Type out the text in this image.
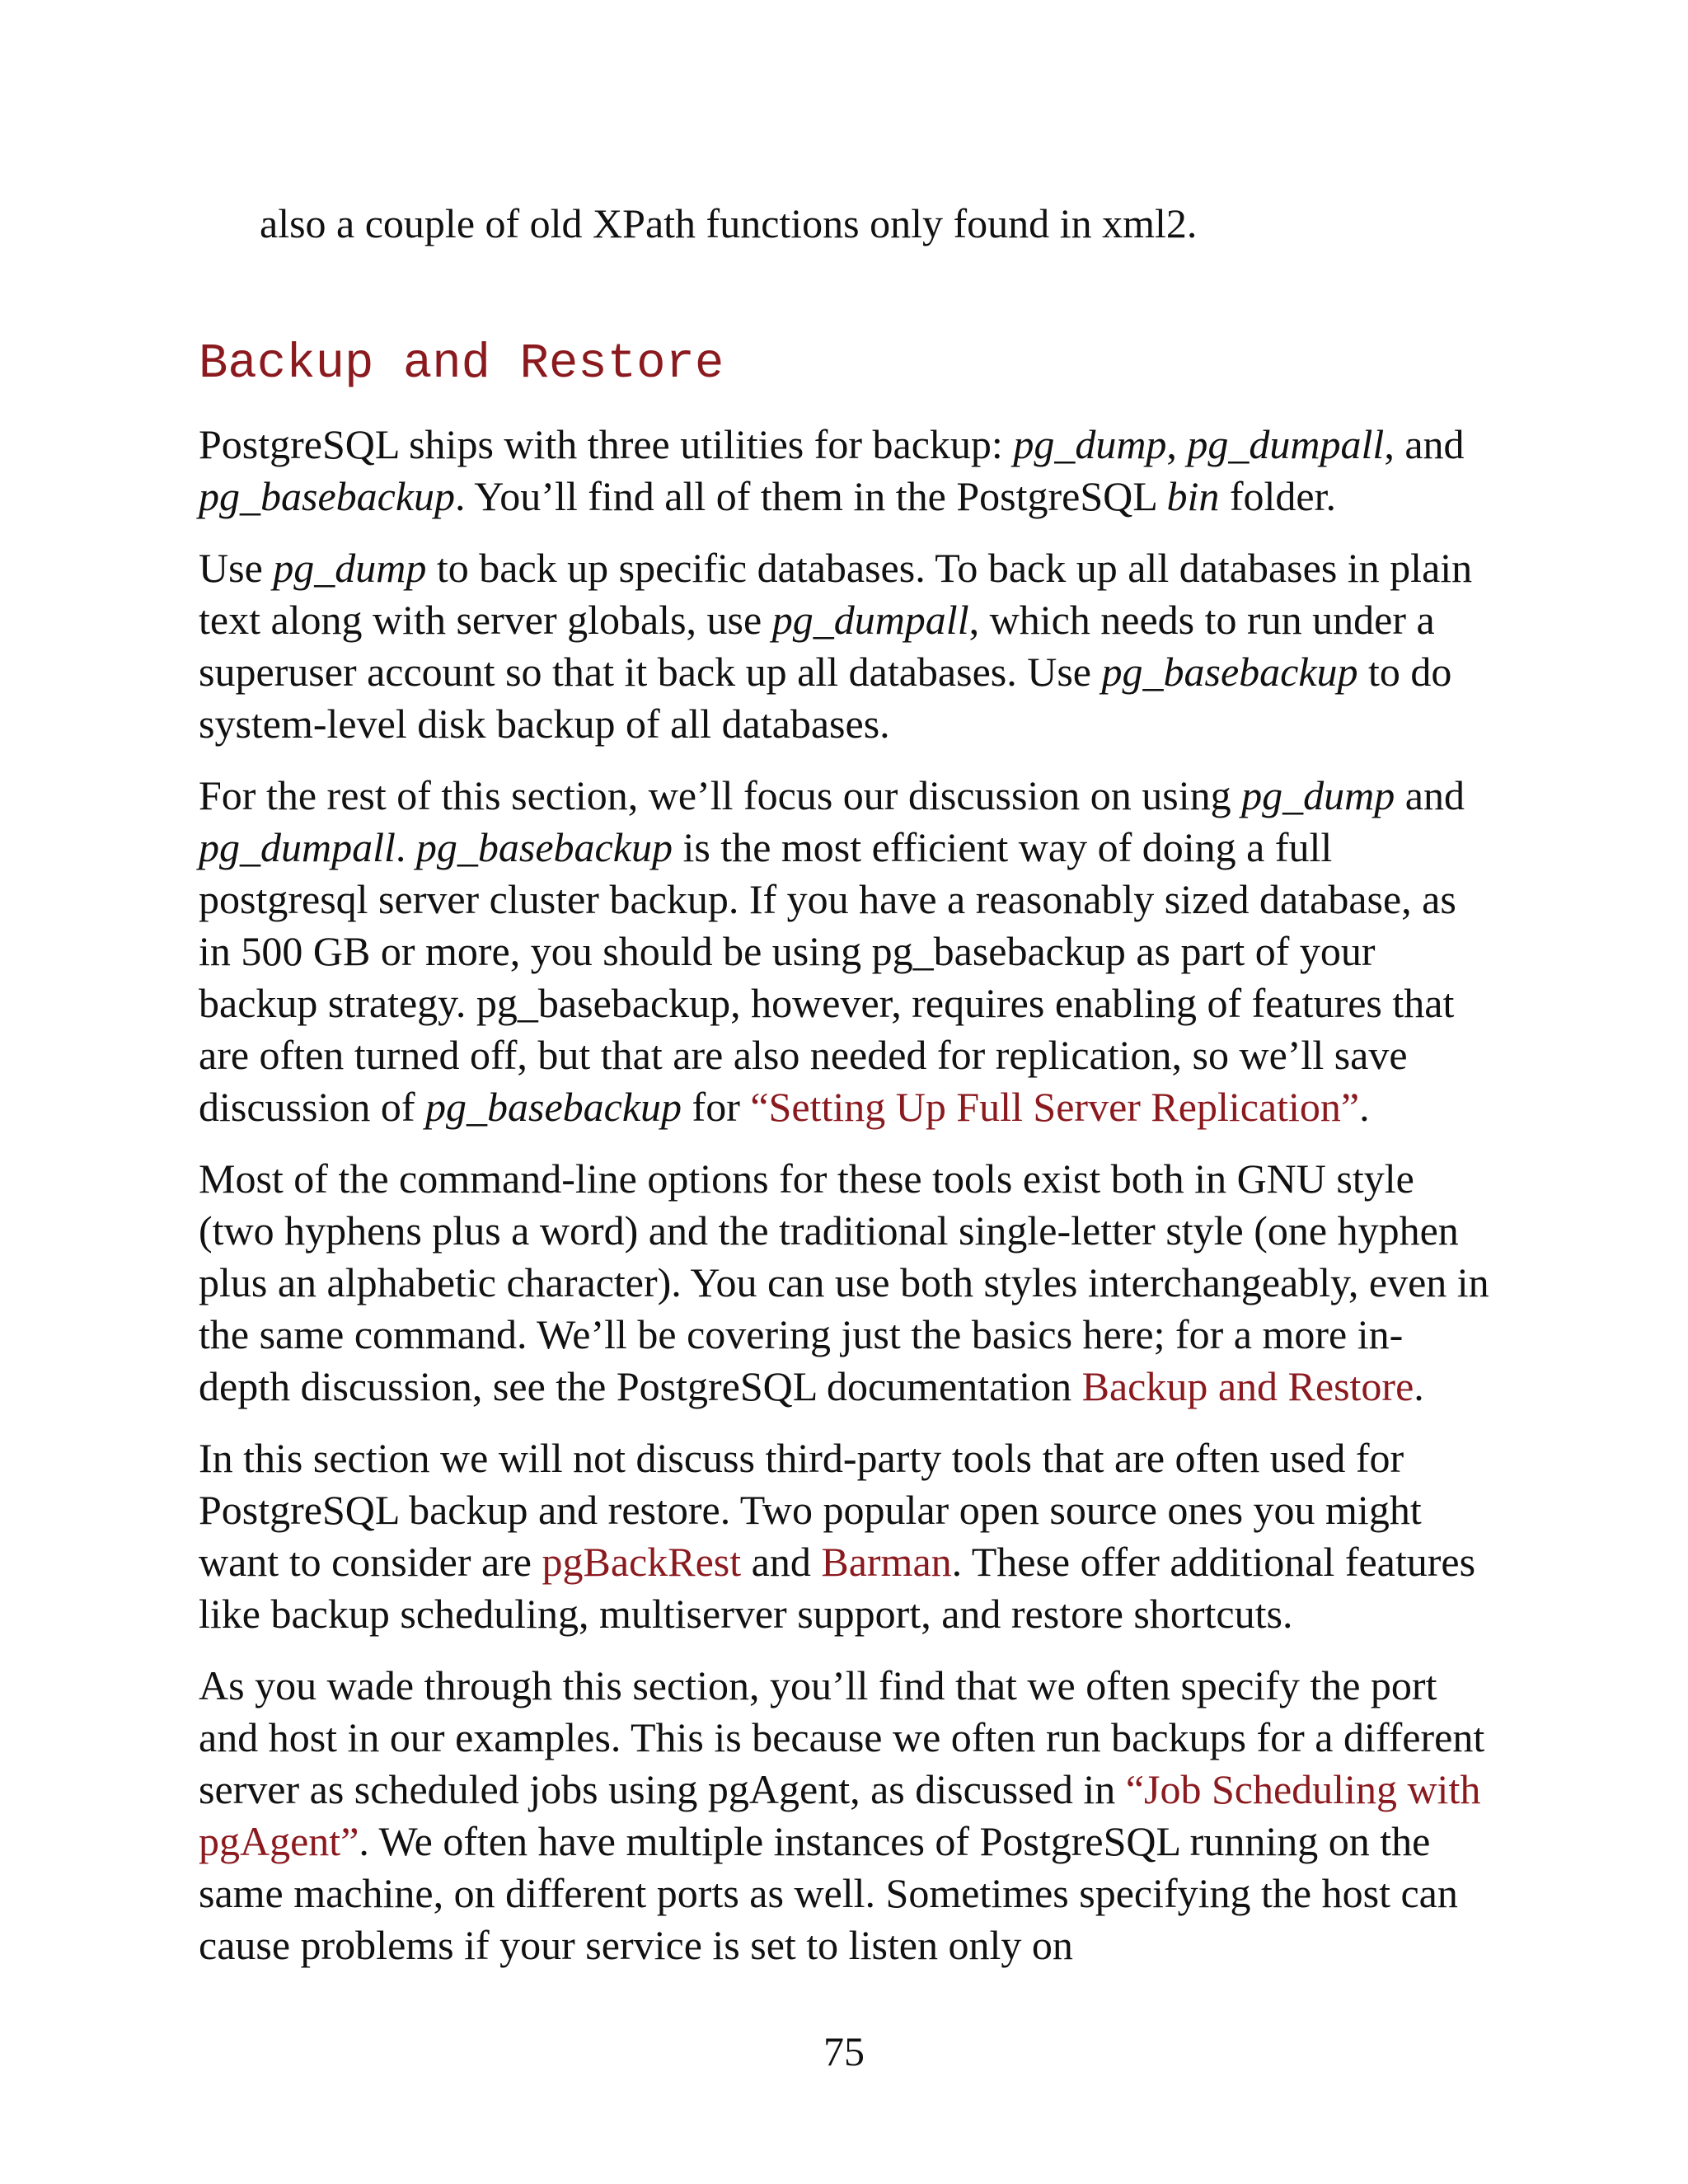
also a couple of old XPath functions only found in xml2.

Backup and Restore

PostgreSQL ships with three utilities for backup: pg_dump, pg_dumpall, and pg_basebackup. You’ll find all of them in the PostgreSQL bin folder.

Use pg_dump to back up specific databases. To back up all databases in plain text along with server globals, use pg_dumpall, which needs to run under a superuser account so that it back up all databases. Use pg_basebackup to do system-level disk backup of all databases.

For the rest of this section, we’ll focus our discussion on using pg_dump and pg_dumpall. pg_basebackup is the most efficient way of doing a full postgresql server cluster backup. If you have a reasonably sized database, as in 500 GB or more, you should be using pg_basebackup as part of your backup strategy. pg_basebackup, however, requires enabling of features that are often turned off, but that are also needed for replication, so we’ll save discussion of pg_basebackup for “Setting Up Full Server Replication”.

Most of the command-line options for these tools exist both in GNU style (two hyphens plus a word) and the traditional single-letter style (one hyphen plus an alphabetic character). You can use both styles interchangeably, even in the same command. We’ll be covering just the basics here; for a more in-depth discussion, see the PostgreSQL documentation Backup and Restore.

In this section we will not discuss third-party tools that are often used for PostgreSQL backup and restore. Two popular open source ones you might want to consider are pgBackRest and Barman. These offer additional features like backup scheduling, multiserver support, and restore shortcuts.

As you wade through this section, you’ll find that we often specify the port and host in our examples. This is because we often run backups for a different server as scheduled jobs using pgAgent, as discussed in “Job Scheduling with pgAgent”. We often have multiple instances of PostgreSQL running on the same machine, on different ports as well. Sometimes specifying the host can cause problems if your service is set to listen only on

75
